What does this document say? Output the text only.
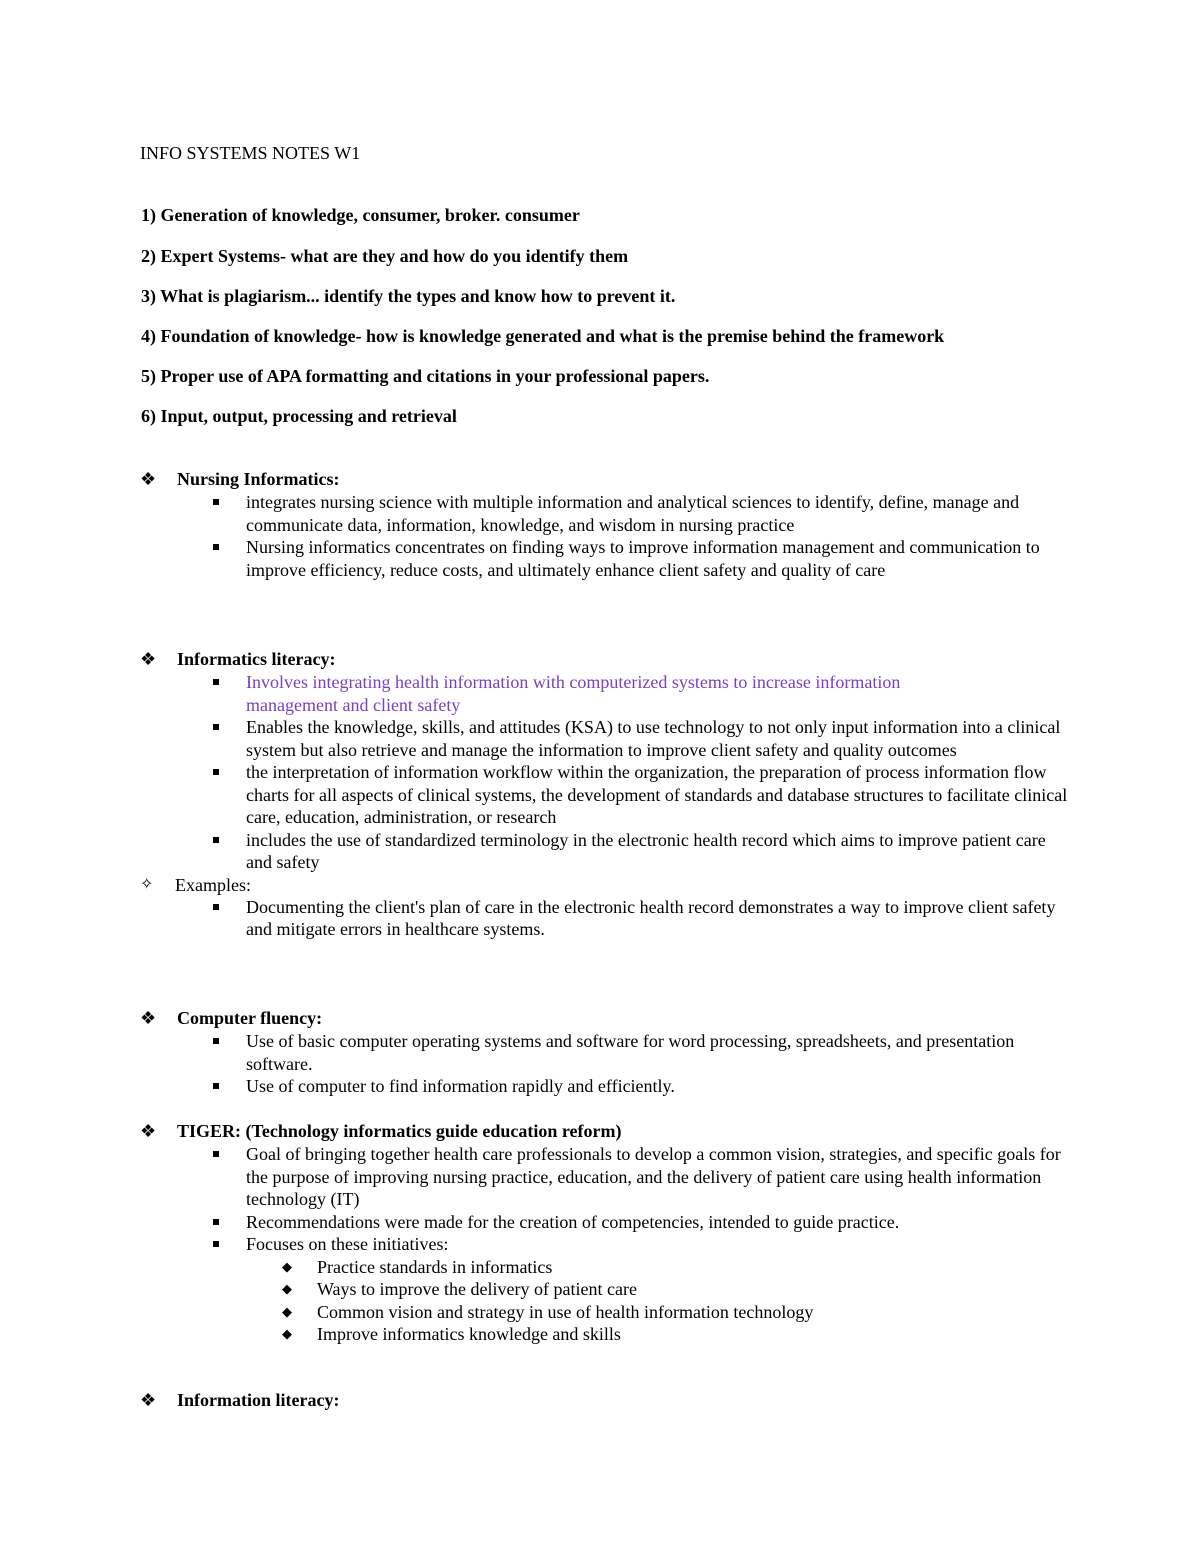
INFO SYSTEMS NOTES W1
1) Generation of knowledge, consumer, broker. consumer
2) Expert Systems- what are they and how do you identify them
3) What is plagiarism... identify the types and know how to prevent it.
4) Foundation of knowledge- how is knowledge generated and what is the premise behind the framework
5) Proper use of APA formatting and citations in your professional papers.
6) Input, output, processing and retrieval
❖ Nursing Informatics:
integrates nursing science with multiple information and analytical sciences to identify, define, manage and communicate data, information, knowledge, and wisdom in nursing practice
Nursing informatics concentrates on finding ways to improve information management and communication to improve efficiency, reduce costs, and ultimately enhance client safety and quality of care
❖ Informatics literacy:
Involves integrating health information with computerized systems to increase information management and client safety
Enables the knowledge, skills, and attitudes (KSA) to use technology to not only input information into a clinical system but also retrieve and manage the information to improve client safety and quality outcomes
the interpretation of information workflow within the organization, the preparation of process information flow charts for all aspects of clinical systems, the development of standards and database structures to facilitate clinical care, education, administration, or research
includes the use of standardized terminology in the electronic health record which aims to improve patient care and safety
✧ Examples:
Documenting the client's plan of care in the electronic health record demonstrates a way to improve client safety and mitigate errors in healthcare systems.
❖ Computer fluency:
Use of basic computer operating systems and software for word processing, spreadsheets, and presentation software.
Use of computer to find information rapidly and efficiently.
❖ TIGER: (Technology informatics guide education reform)
Goal of bringing together health care professionals to develop a common vision, strategies, and specific goals for the purpose of improving nursing practice, education, and the delivery of patient care using health information technology (IT)
Recommendations were made for the creation of competencies, intended to guide practice.
Focuses on these initiatives:
◆ Practice standards in informatics
◆ Ways to improve the delivery of patient care
◆ Common vision and strategy in use of health information technology
◆ Improve informatics knowledge and skills
❖ Information literacy:
